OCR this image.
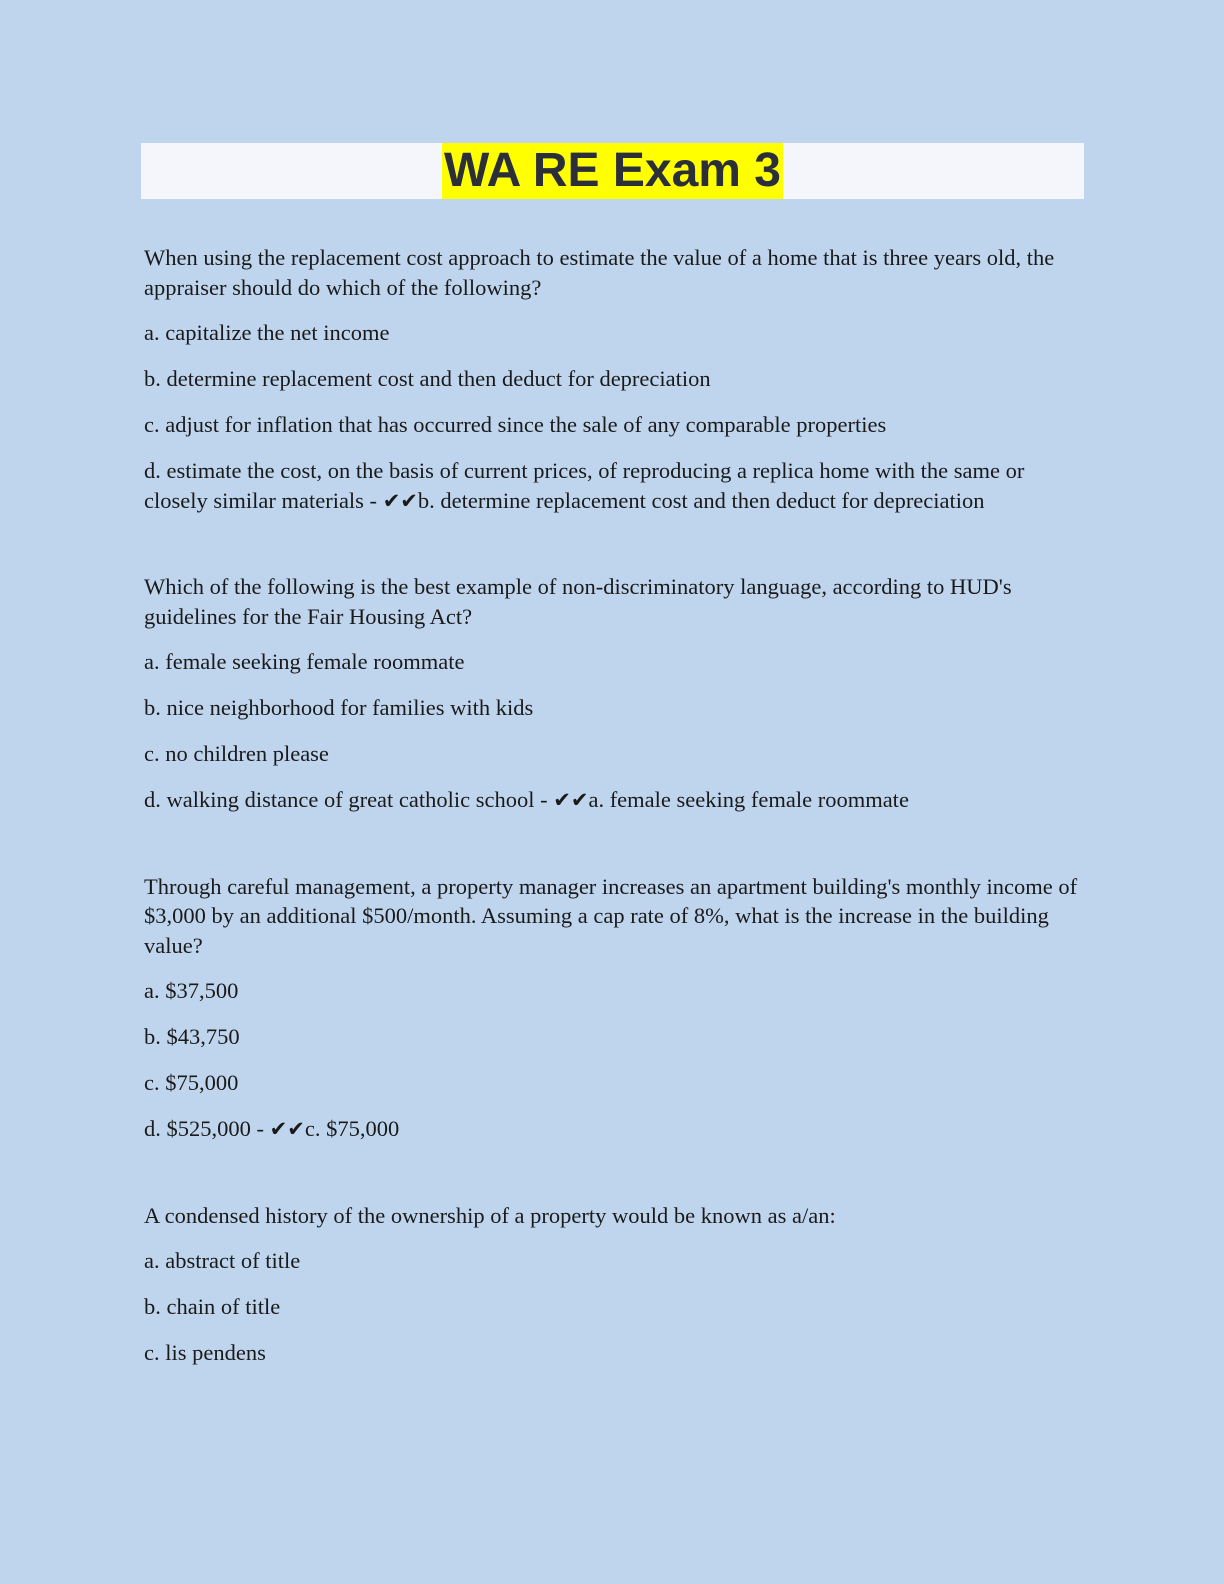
WA RE Exam 3

When using the replacement cost approach to estimate the value of a home that is three years old, the appraiser should do which of the following?

a. capitalize the net income

b. determine replacement cost and then deduct for depreciation

c. adjust for inflation that has occurred since the sale of any comparable properties

d. estimate the cost, on the basis of current prices, of reproducing a replica home with the same or closely similar materials - ✔✔b. determine replacement cost and then deduct for depreciation

Which of the following is the best example of non-discriminatory language, according to HUD's guidelines for the Fair Housing Act?

a. female seeking female roommate

b. nice neighborhood for families with kids

c. no children please

d. walking distance of great catholic school - ✔✔a. female seeking female roommate

Through careful management, a property manager increases an apartment building's monthly income of $3,000 by an additional $500/month. Assuming a cap rate of 8%, what is the increase in the building value?

a. $37,500

b. $43,750

c. $75,000

d. $525,000 - ✔✔c. $75,000

A condensed history of the ownership of a property would be known as a/an:

a. abstract of title

b. chain of title

c. lis pendens
